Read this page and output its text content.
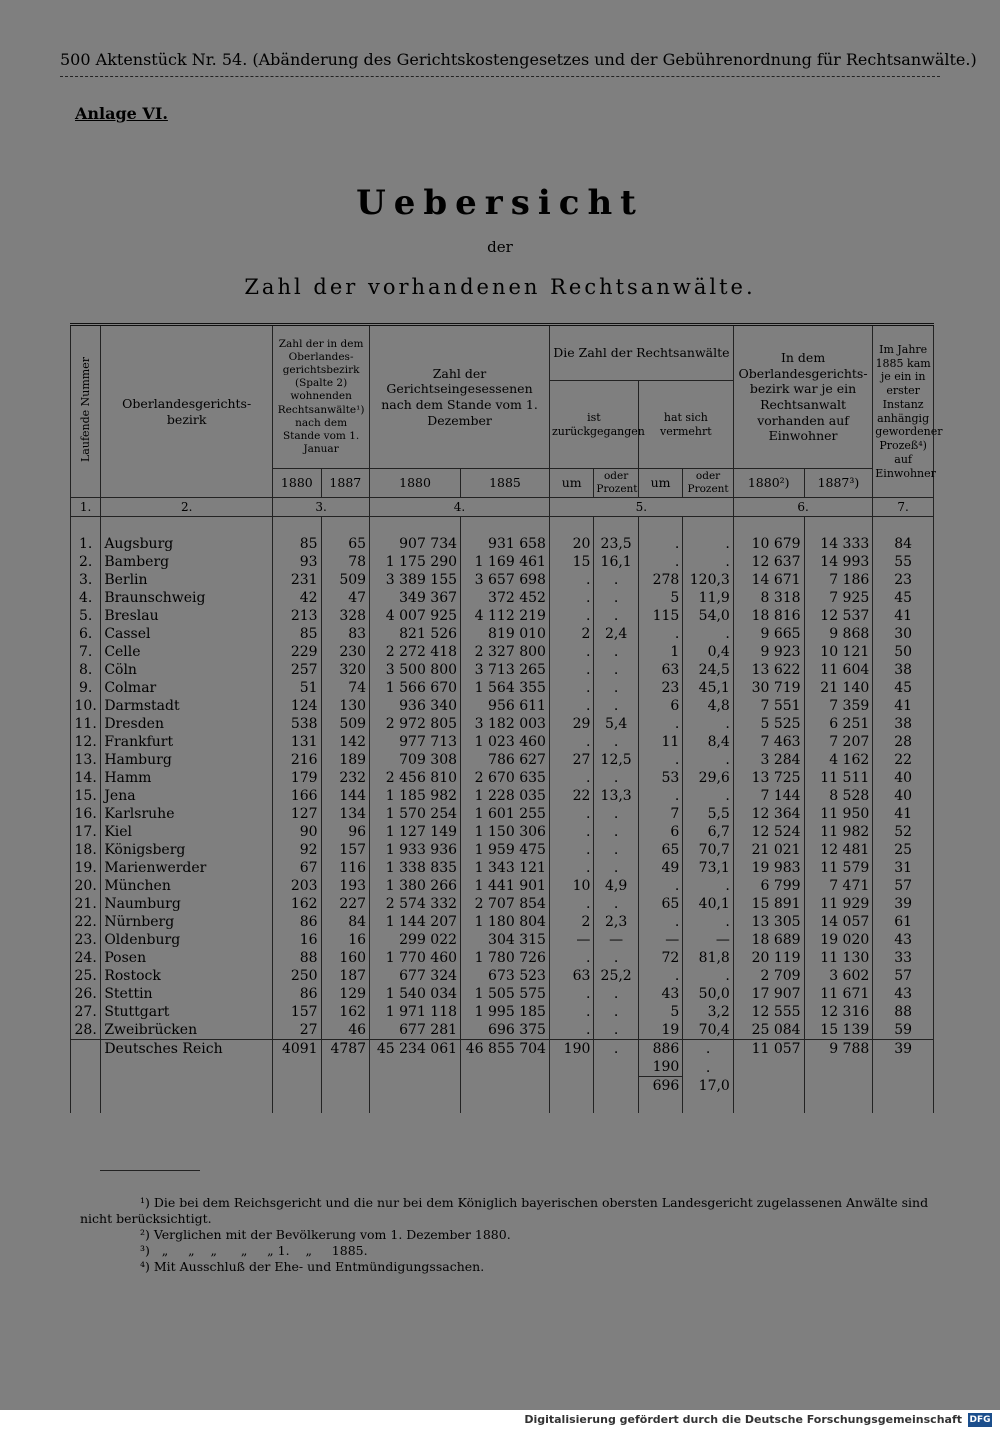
500 Aktenstück Nr. 54. (Abänderung des Gerichtskostengesetzes und der Gebührenordnung für Rechtsanwälte.)
Anlage VI.
Uebersicht
der
Zahl der vorhandenen Rechtsanwälte.
Laufende Nummer	Oberlandesgerichts-bezirk	Zahl der in dem Oberlandes-gerichtsbezirk (Spalte 2) wohnenden Rechtsanwälte¹) nach dem Stande vom 1. Januar		Zahl der Gerichtseingesessenen nach dem Stande vom 1. Dezember		Die Zahl der Rechtsanwälte				In dem Oberlandesgerichts-bezirk war je ein Rechtsanwalt vorhanden auf Einwohner		Im Jahre 1885 kam je ein in erster Instanz anhängig gewordener Prozeß⁴) auf Einwohner
						ist zurückgegangen		hat sich vermehrt				
		1880	1887	1880	1885	um	oder Prozent	um	oder Prozent	1880²)	1887³)	
1.	2.	3.		4.		5.				6.		7.

1.	Augsburg	85	65	907 734	931 658	20	23,5	.	.	10 679	14 333	84
2.	Bamberg	93	78	1 175 290	1 169 461	15	16,1	.	.	12 637	14 993	55
3.	Berlin	231	509	3 389 155	3 657 698	.	.	278	120,3	14 671	7 186	23
4.	Braunschweig	42	47	349 367	372 452	.	.	5	11,9	8 318	7 925	45
5.	Breslau	213	328	4 007 925	4 112 219	.	.	115	54,0	18 816	12 537	41
6.	Cassel	85	83	821 526	819 010	2	2,4	.	.	9 665	9 868	30
7.	Celle	229	230	2 272 418	2 327 800	.	.	1	0,4	9 923	10 121	50
8.	Cöln	257	320	3 500 800	3 713 265	.	.	63	24,5	13 622	11 604	38
9.	Colmar	51	74	1 566 670	1 564 355	.	.	23	45,1	30 719	21 140	45
10.	Darmstadt	124	130	936 340	956 611	.	.	6	4,8	7 551	7 359	41
11.	Dresden	538	509	2 972 805	3 182 003	29	5,4	.	.	5 525	6 251	38
12.	Frankfurt	131	142	977 713	1 023 460	.	.	11	8,4	7 463	7 207	28
13.	Hamburg	216	189	709 308	786 627	27	12,5	.	.	3 284	4 162	22
14.	Hamm	179	232	2 456 810	2 670 635	.	.	53	29,6	13 725	11 511	40
15.	Jena	166	144	1 185 982	1 228 035	22	13,3	.	.	7 144	8 528	40
16.	Karlsruhe	127	134	1 570 254	1 601 255	.	.	7	5,5	12 364	11 950	41
17.	Kiel	90	96	1 127 149	1 150 306	.	.	6	6,7	12 524	11 982	52
18.	Königsberg	92	157	1 933 936	1 959 475	.	.	65	70,7	21 021	12 481	25
19.	Marienwerder	67	116	1 338 835	1 343 121	.	.	49	73,1	19 983	11 579	31
20.	München	203	193	1 380 266	1 441 901	10	4,9	.	.	6 799	7 471	57
21.	Naumburg	162	227	2 574 332	2 707 854	.	.	65	40,1	15 891	11 929	39
22.	Nürnberg	86	84	1 144 207	1 180 804	2	2,3	.	.	13 305	14 057	61
23.	Oldenburg	16	16	299 022	304 315	—	—	—	—	18 689	19 020	43
24.	Posen	88	160	1 770 460	1 780 726	.	.	72	81,8	20 119	11 130	33
25.	Rostock	250	187	677 324	673 523	63	25,2	.	.	2 709	3 602	57
26.	Stettin	86	129	1 540 034	1 505 575	.	.	43	50,0	17 907	11 671	43
27.	Stuttgart	157	162	1 971 118	1 995 185	.	.	5	3,2	12 555	12 316	88
28.	Zweibrücken	27	46	677 281	696 375	.	.	19	70,4	25 084	15 139	59
	Deutsches Reich	4091	4787	45 234 061	46 855 704	190	.	886	.	11 057	9 788	39
								190	.			
								696	17,0			

¹) Die bei dem Reichsgericht und die nur bei dem Königlich bayerischen obersten Landesgericht zugelassenen Anwälte sind nicht berücksichtigt.
²) Verglichen mit der Bevölkerung vom 1. Dezember 1880.
³)   „     „    „      „     „ 1.    „     1885.
⁴) Mit Ausschluß der Ehe- und Entmündigungssachen.
Digitalisierung gefördert durch die Deutsche Forschungsgemeinschaft DFG
